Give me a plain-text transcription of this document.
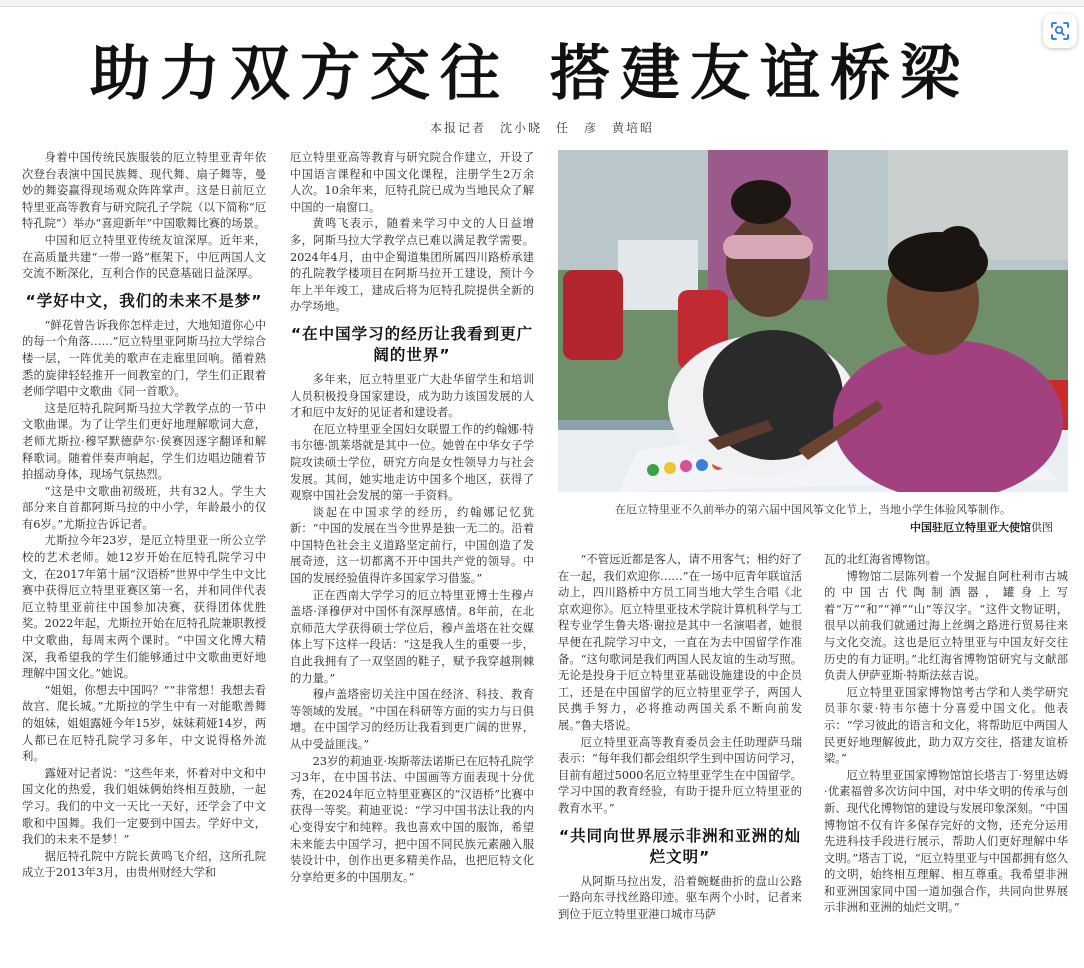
助力双方交往 搭建友谊桥梁
本报记者　沈小晓　任　彦　黄培昭

身着中国传统民族服装的厄立特里亚青年依次登台表演中国民族舞、现代舞、扇子舞等，曼妙的舞姿赢得现场观众阵阵掌声。这是日前厄立特里亚高等教育与研究院孔子学院（以下简称“厄特孔院”）举办“喜迎新年”中国歌舞比赛的场景。

中国和厄立特里亚传统友谊深厚。近年来，在高质量共建“一带一路”框架下，中厄两国人文交流不断深化，互利合作的民意基础日益深厚。

“学好中文，我们的未来不是梦”

“鲜花曾告诉我你怎样走过，大地知道你心中的每一个角落……”厄立特里亚阿斯马拉大学综合楼一层，一阵优美的歌声在走廊里回响。循着熟悉的旋律轻轻推开一间教室的门，学生们正跟着老师学唱中文歌曲《同一首歌》。

这是厄特孔院阿斯马拉大学教学点的一节中文歌曲课。为了让学生们更好地理解歌词大意，老师尤斯拉·穆罕默德萨尔·侯赛因逐字翻译和解释歌词。随着伴奏声响起，学生们边唱边随着节拍摇动身体，现场气氛热烈。

“这是中文歌曲初级班，共有32人。学生大部分来自首都阿斯马拉的中小学，年龄最小的仅有6岁。”尤斯拉告诉记者。

尤斯拉今年23岁，是厄立特里亚一所公立学校的艺术老师。她12岁开始在厄特孔院学习中文，在2017年第十届“汉语桥”世界中学生中文比赛中获得厄立特里亚赛区第一名，并和同伴代表厄立特里亚前往中国参加决赛，获得团体优胜奖。2022年起，尤斯拉开始在厄特孔院兼职教授中文歌曲，每周末两个课时。“中国文化博大精深，我希望我的学生们能够通过中文歌曲更好地理解中国文化。”她说。

“姐姐，你想去中国吗？”“非常想！我想去看故宫、爬长城。”尤斯拉的学生中有一对能歌善舞的姐妹，姐姐露娅今年15岁，妹妹莉娅14岁，两人都已在厄特孔院学习多年，中文说得格外流利。

露娅对记者说：“这些年来，怀着对中文和中国文化的热爱，我们姐妹俩始终相互鼓励，一起学习。我们的中文一天比一天好，还学会了中文歌和中国舞。我们一定要到中国去。学好中文，我们的未来不是梦！”

据厄特孔院中方院长黄鸣飞介绍，这所孔院成立于2013年3月，由贵州财经大学和

厄立特里亚高等教育与研究院合作建立，开设了中国语言课程和中国文化课程，注册学生2万余人次。10余年来，厄特孔院已成为当地民众了解中国的一扇窗口。

黄鸣飞表示，随着来学习中文的人日益增多，阿斯马拉大学教学点已难以满足教学需要。2024年4月，由中企蜀道集团所属四川路桥承建的孔院教学楼项目在阿斯马拉开工建设，预计今年上半年竣工，建成后将为厄特孔院提供全新的办学场地。

“在中国学习的经历让我看到更广阔的世界”

多年来，厄立特里亚广大赴华留学生和培训人员积极投身国家建设，成为助力该国发展的人才和厄中友好的见证者和建设者。

在厄立特里亚全国妇女联盟工作的约翰娜·特韦尔德·凯莱塔就是其中一位。她曾在中华女子学院攻读硕士学位，研究方向是女性领导力与社会发展。其间，她实地走访中国多个地区，获得了观察中国社会发展的第一手资料。

谈起在中国求学的经历，约翰娜记忆犹新：“中国的发展在当今世界是独一无二的。沿着中国特色社会主义道路坚定前行，中国创造了发展奇迹，这一切都离不开中国共产党的领导。中国的发展经验值得许多国家学习借鉴。”

正在西南大学学习的厄立特里亚博士生穆卢盖塔·泽穆伊对中国怀有深厚感情。8年前，在北京师范大学获得硕士学位后，穆卢盖塔在社交媒体上写下这样一段话：“这是我人生的重要一步，自此我拥有了一双坚固的鞋子，赋予我穿越荆棘的力量。”

穆卢盖塔密切关注中国在经济、科技、教育等领域的发展。“中国在科研等方面的实力与日俱增。在中国学习的经历让我看到更广阔的世界，从中受益匪浅。”

23岁的莉迪亚·埃斯蒂法诺斯已在厄特孔院学习3年，在中国书法、中国画等方面表现十分优秀，在2024年厄立特里亚赛区的“汉语桥”比赛中获得一等奖。莉迪亚说：“学习中国书法让我的内心变得安宁和纯粹。我也喜欢中国的服饰，希望未来能去中国学习，把中国不同民族元素融入服装设计中，创作出更多精美作品，也把厄特文化分享给更多的中国朋友。”

在厄立特里亚不久前举办的第六届中国风筝文化节上，当地小学生体验风筝制作。
中国驻厄立特里亚大使馆供图

“不管远近都是客人，请不用客气；相约好了在一起，我们欢迎你……”在一场中厄青年联谊活动上，四川路桥中方员工同当地大学生合唱《北京欢迎你》。厄立特里亚技术学院计算机科学与工程专业学生鲁夫塔·谢拉是其中一名演唱者，她很早便在孔院学习中文，一直在为去中国留学作准备。“这句歌词是我们两国人民友谊的生动写照。无论是投身于厄立特里亚基础设施建设的中企员工，还是在中国留学的厄立特里亚学子，两国人民携手努力，必将推动两国关系不断向前发展。”鲁夫塔说。

厄立特里亚高等教育委员会主任助理萨马瑞表示：“每年我们都会组织学生到中国访问学习，目前有超过5000名厄立特里亚学生在中国留学。学习中国的教育经验，有助于提升厄立特里亚的教育水平。”

“共同向世界展示非洲和亚洲的灿烂文明”

从阿斯马拉出发，沿着蜿蜒曲折的盘山公路一路向东寻找丝路印迹。驱车两个小时，记者来到位于厄立特里亚港口城市马萨

瓦的北红海省博物馆。

博物馆二层陈列着一个发掘自阿杜利市古城的中国古代陶制酒器，罐身上写着“万”“和”“禅”“山”等汉字。“这件文物证明，很早以前我们就通过海上丝绸之路进行贸易往来与文化交流。这也是厄立特里亚与中国友好交往历史的有力证明。”北红海省博物馆研究与文献部负责人伊萨亚斯·特斯法兹吉说。

厄立特里亚国家博物馆考古学和人类学研究员菲尔蒙·特韦尔德十分喜爱中国文化。他表示：“学习彼此的语言和文化，将帮助厄中两国人民更好地理解彼此，助力双方交往，搭建友谊桥梁。”

厄立特里亚国家博物馆馆长塔吉丁·努里达姆·优素福曾多次访问中国，对中华文明的传承与创新、现代化博物馆的建设与发展印象深刻。“中国博物馆不仅有许多保存完好的文物，还充分运用先进科技手段进行展示，帮助人们更好理解中华文明。”塔吉丁说，“厄立特里亚与中国都拥有悠久的文明，始终相互理解、相互尊重。我希望非洲和亚洲国家同中国一道加强合作，共同向世界展示非洲和亚洲的灿烂文明。”
